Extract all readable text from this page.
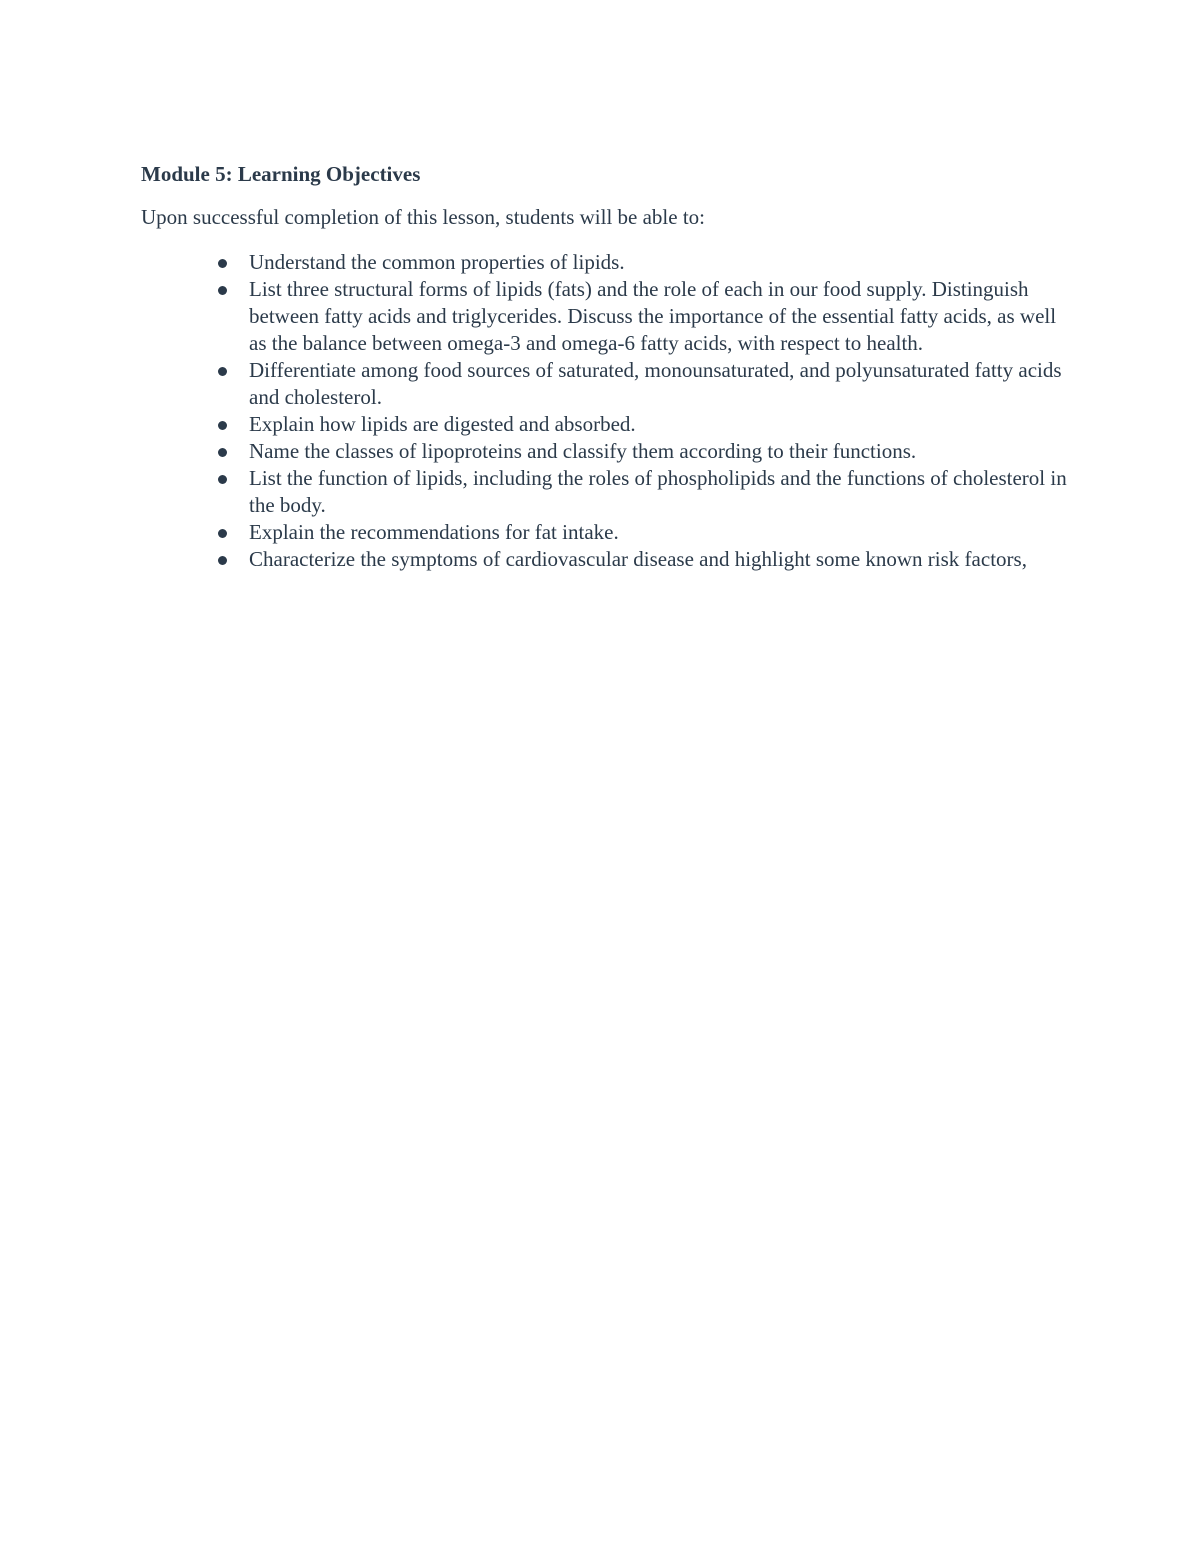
Module 5: Learning Objectives

Upon successful completion of this lesson, students will be able to:

Understand the common properties of lipids.
List three structural forms of lipids (fats) and the role of each in our food supply. Distinguish between fatty acids and triglycerides. Discuss the importance of the essential fatty acids, as well as the balance between omega-3 and omega-6 fatty acids, with respect to health.
Differentiate among food sources of saturated, monounsaturated, and polyunsaturated fatty acids and cholesterol.
Explain how lipids are digested and absorbed.
Name the classes of lipoproteins and classify them according to their functions.
List the function of lipids, including the roles of phospholipids and the functions of cholesterol in the body.
Explain the recommendations for fat intake.
Characterize the symptoms of cardiovascular disease and highlight some known risk factors,
